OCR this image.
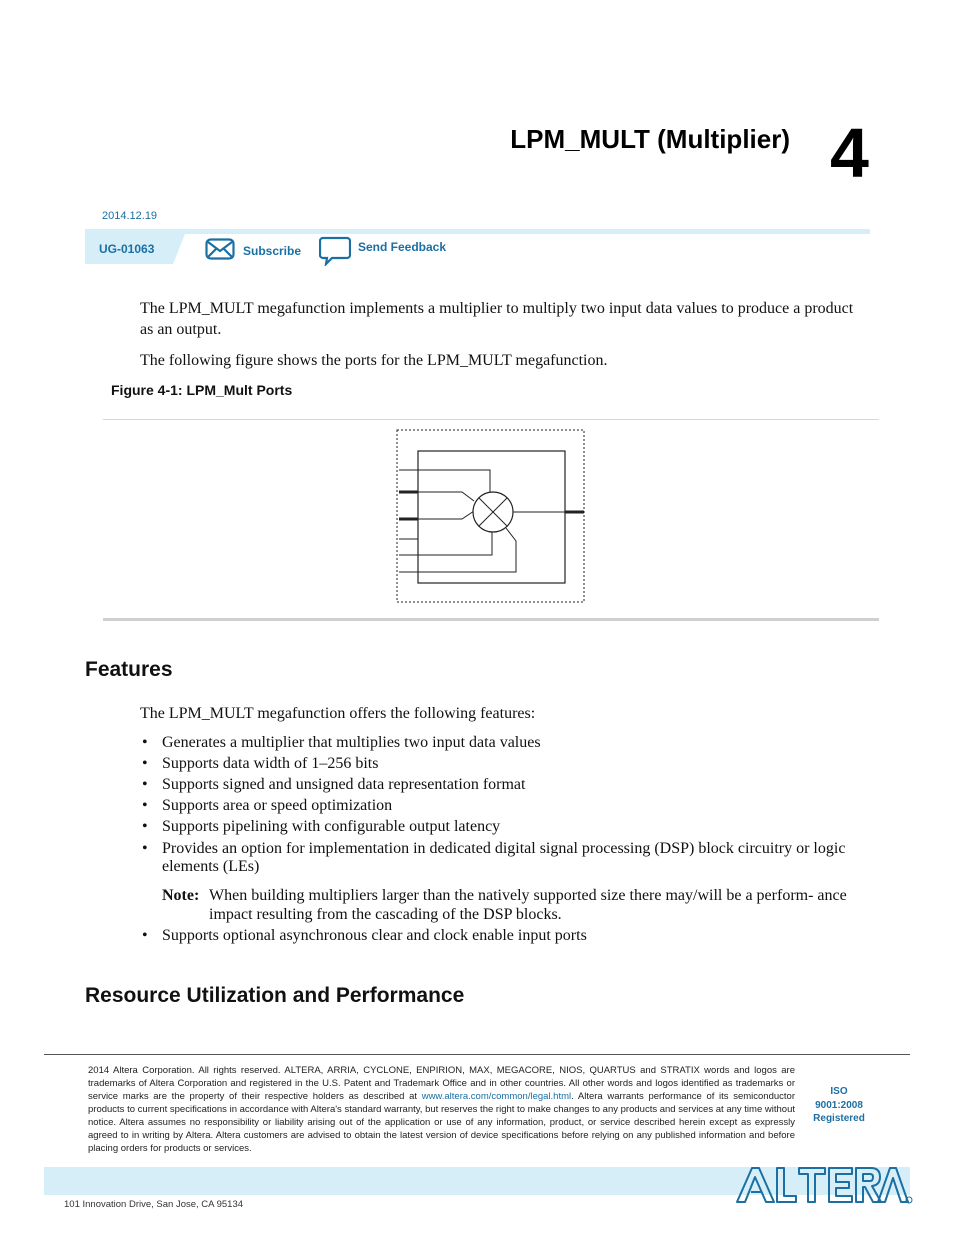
LPM_MULT (Multiplier) 4
2014.12.19
UG-01063	Subscribe	Send Feedback
The LPM_MULT megafunction implements a multiplier to multiply two input data values to produce a product as an output.
The following figure shows the ports for the LPM_MULT megafunction.
Figure 4-1: LPM_Mult Ports
Features
The LPM_MULT megafunction offers the following features:
• Generates a multiplier that multiplies two input data values
• Supports data width of 1–256 bits
• Supports signed and unsigned data representation format
• Supports area or speed optimization
• Supports pipelining with configurable output latency
• Provides an option for implementation in dedicated digital signal processing (DSP) block circuitry or logic elements (LEs)
Note: When building multipliers larger than the natively supported size there may/will be a perform- ance impact resulting from the cascading of the DSP blocks.
• Supports optional asynchronous clear and clock enable input ports
Resource Utilization and Performance
2014 Altera Corporation. All rights reserved. ALTERA, ARRIA, CYCLONE, ENPIRION, MAX, MEGACORE, NIOS, QUARTUS and STRATIX words and logos are trademarks of Altera Corporation and registered in the U.S. Patent and Trademark Office and in other countries. All other words and logos identified as trademarks or service marks are the property of their respective holders as described at www.altera.com/common/legal.html. Altera warrants performance of its semiconductor products to current specifications in accordance with Altera's standard warranty, but reserves the right to make changes to any products and services at any time without notice. Altera assumes no responsibility or liability arising out of the application or use of any information, product, or service described herein except as expressly agreed to in writing by Altera. Altera customers are advised to obtain the latest version of device specifications before relying on any published information and before placing orders for products or services.
ISO
9001:2008
Registered
101 Innovation Drive, San Jose, CA 95134
